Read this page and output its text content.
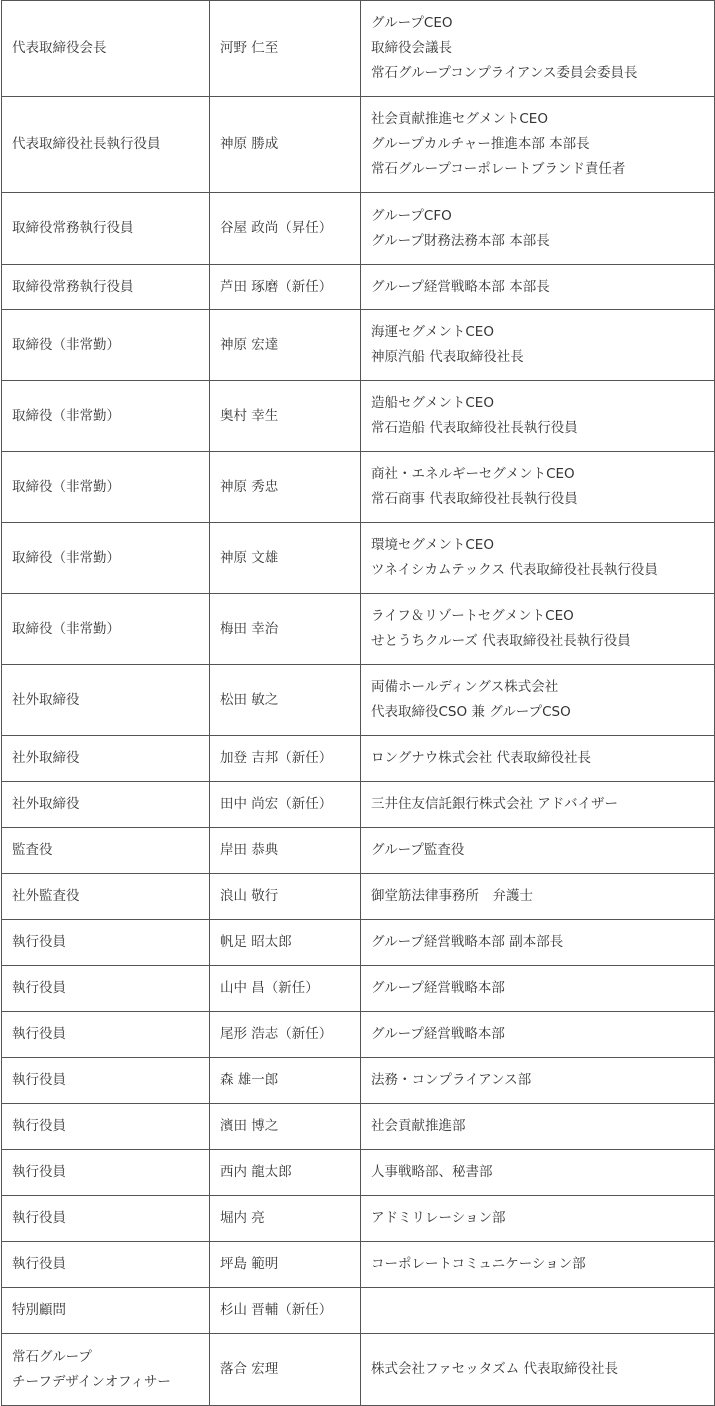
代表取締役会長	河野 仁至	グループCEO
取締役会議長
常石グループコンプライアンス委員会委員長

代表取締役社長執行役員	神原 勝成	社会貢献推進セグメントCEO
グループカルチャー推進本部 本部長
常石グループコーポレートブランド責任者

取締役常務執行役員	谷屋 政尚（昇任）	グループCFO
グループ財務法務本部 本部長

取締役常務執行役員	芦田 琢磨（新任）	グループ経営戦略本部 本部長

取締役（非常勤）	神原 宏達	海運セグメントCEO
神原汽船 代表取締役社長

取締役（非常勤）	奥村 幸生	造船セグメントCEO
常石造船 代表取締役社長執行役員

取締役（非常勤）	神原 秀忠	商社・エネルギーセグメントCEO
常石商事 代表取締役社長執行役員

取締役（非常勤）	神原 文雄	環境セグメントCEO
ツネイシカムテックス 代表取締役社長執行役員

取締役（非常勤）	梅田 幸治	ライフ＆リゾートセグメントCEO
せとうちクルーズ 代表取締役社長執行役員

社外取締役	松田 敏之	両備ホールディングス株式会社
代表取締役CSO 兼 グループCSO

社外取締役	加登 吉邦（新任）	ロングナウ株式会社 代表取締役社長

社外取締役	田中 尚宏（新任）	三井住友信託銀行株式会社 アドバイザー

監査役	岸田 恭典	グループ監査役

社外監査役	浪山 敬行	御堂筋法律事務所　弁護士

執行役員	帆足 昭太郎	グループ経営戦略本部 副本部長

執行役員	山中 昌（新任）	グループ経営戦略本部

執行役員	尾形 浩志（新任）	グループ経営戦略本部

執行役員	森 雄一郎	法務・コンプライアンス部

執行役員	濱田 博之	社会貢献推進部

執行役員	西内 龍太郎	人事戦略部、秘書部

執行役員	堀内 亮	アドミリレーション部

執行役員	坪島 範明	コーポレートコミュニケーション部

特別顧問	杉山 晋輔（新任）	

常石グループ
チーフデザインオフィサー	落合 宏理	株式会社ファセッタズム 代表取締役社長
